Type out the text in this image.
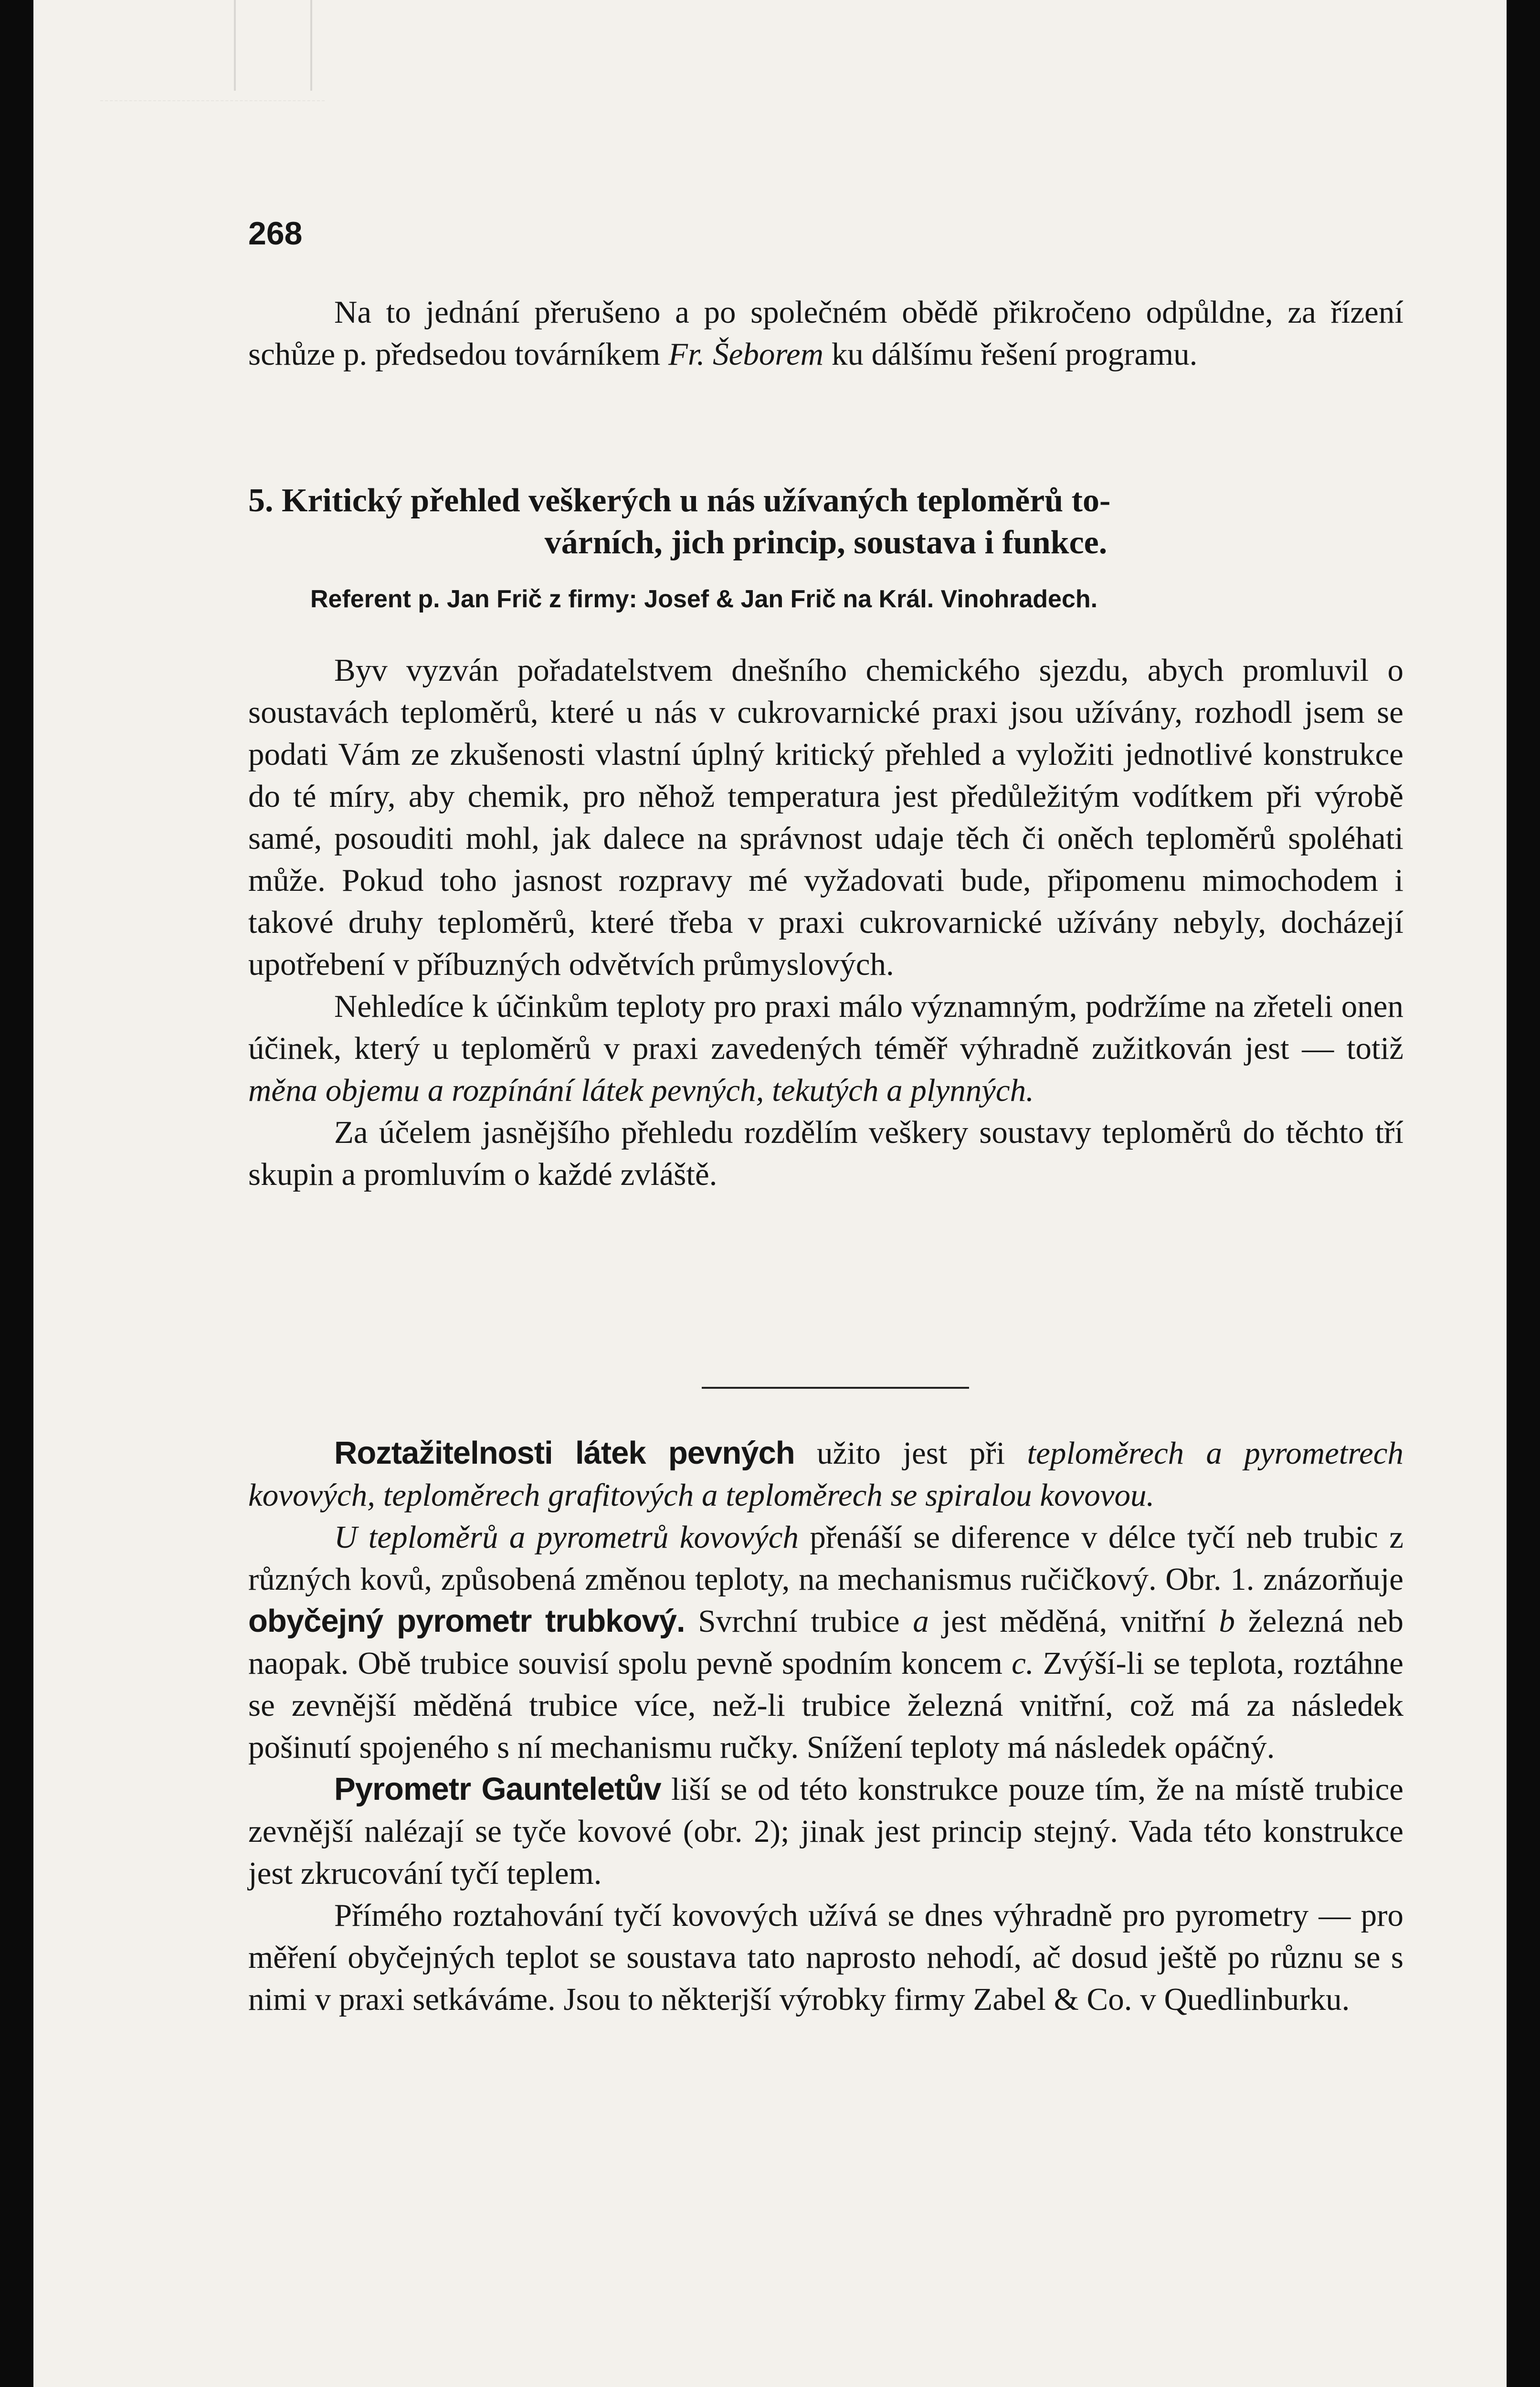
268
Na to jednání přerušeno a po společném obědě přikročeno odpůldne, za řízení schůze p. předsedou továrníkem Fr. Šeborem ku dálšímu řešení programu.
5. Kritický přehled veškerých u nás užívaných teploměrů to-
várních, jich princip, soustava i funkce.
Referent p. Jan Frič z firmy: Josef & Jan Frič na Král. Vinohradech.
Byv vyzván pořadatelstvem dnešního chemického sjezdu, abych promluvil o soustavách teploměrů, které u nás v cukrovarnické praxi jsou užívány, rozhodl jsem se podati Vám ze zkušenosti vlastní úplný kritický přehled a vyložiti jednotlivé konstrukce do té míry, aby chemik, pro něhož temperatura jest předůležitým vodítkem při výrobě samé, posouditi mohl, jak dalece na správnost udaje těch či oněch teploměrů spoléhati může. Pokud toho jasnost rozpravy mé vyžadovati bude, připomenu mimochodem i takové druhy teploměrů, které třeba v praxi cukrovarnické užívány nebyly, docházejí upotřebení v příbuzných odvětvích průmyslových.
Nehledíce k účinkům teploty pro praxi málo významným, podržíme na zřeteli onen účinek, který u teploměrů v praxi zavedených téměř výhradně zužitkován jest — totiž měna objemu a rozpínání látek pevných, tekutých a plynných.
Za účelem jasnějšího přehledu rozdělím veškery soustavy teploměrů do těchto tří skupin a promluvím o každé zvláště.
Roztažitelnosti látek pevných užito jest při teploměrech a pyrometrech kovových, teploměrech grafitových a teploměrech se spiralou kovovou.
U teploměrů a pyrometrů kovových přenáší se diference v délce tyčí neb trubic z různých kovů, způsobená změnou teploty, na mechanismus ručičkový. Obr. 1. znázorňuje obyčejný pyrometr trubkový. Svrchní trubice a jest měděná, vnitřní b železná neb naopak. Obě trubice souvisí spolu pevně spodním koncem c. Zvýší-li se teplota, roztáhne se zevnější měděná trubice více, než-li trubice železná vnitřní, což má za následek pošinutí spojeného s ní mechanismu ručky. Snížení teploty má následek opáčný.
Pyrometr Gaunteletův liší se od této konstrukce pouze tím, že na místě trubice zevnější nalézají se tyče kovové (obr. 2); jinak jest princip stejný. Vada této konstrukce jest zkrucování tyčí teplem.
Přímého roztahování tyčí kovových užívá se dnes výhradně pro pyrometry — pro měření obyčejných teplot se soustava tato naprosto nehodí, ač dosud ještě po různu se s nimi v praxi setkáváme. Jsou to některjší výrobky firmy Zabel & Co. v Quedlinburku.
